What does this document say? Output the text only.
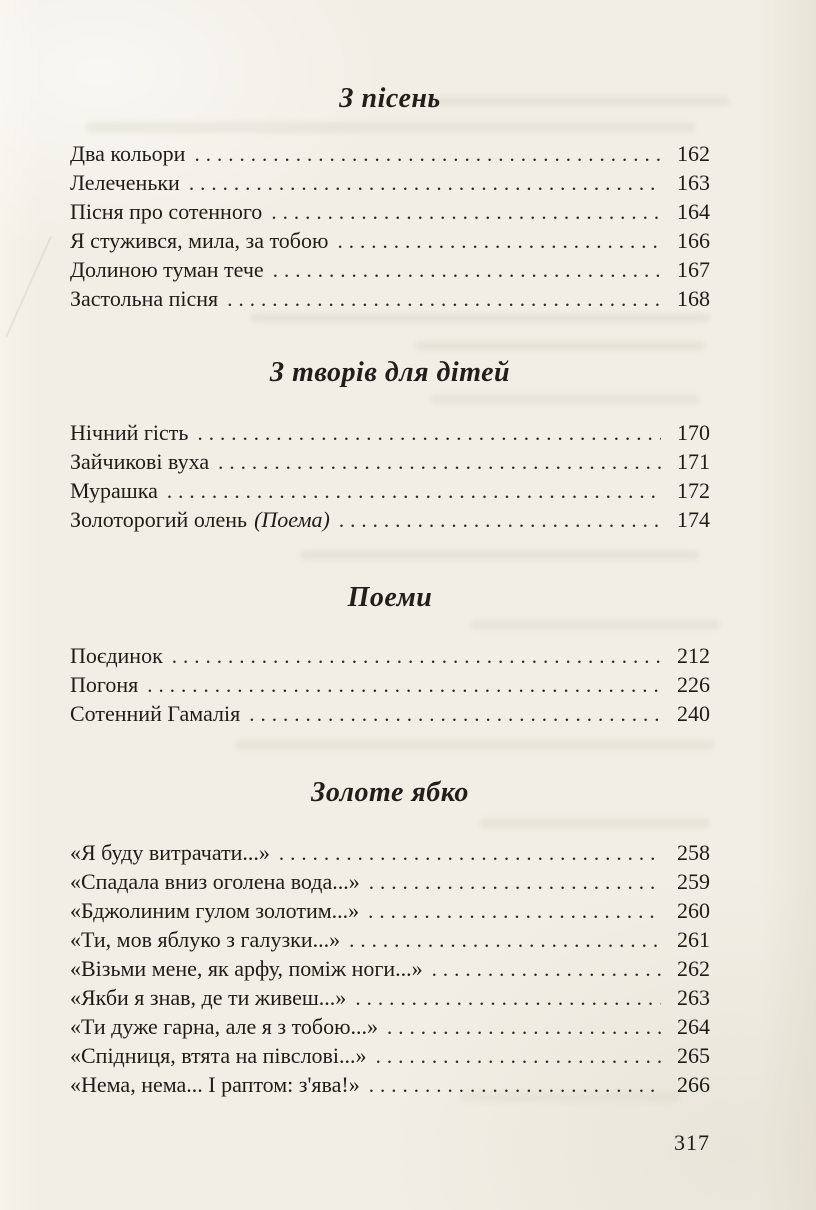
З пісень
Два кольори .....	162
Лелеченьки .....	163
Пісня про сотенного .....	164
Я стужився, мила, за тобою .....	166
Долиною туман тече .....	167
Застольна пісня .....	168
З творів для дітей
Нічний гість .....	170
Зайчикові вуха .....	171
Мурашка .....	172
Золоторогий олень (Поема) .....	174
Поеми
Поєдинок .....	212
Погоня .....	226
Сотенний Гамалія .....	240
Золоте ябко
«Я буду витрачати...» .....	258
«Спадала вниз оголена вода...» .....	259
«Бджолиним гулом золотим...» .....	260
«Ти, мов яблуко з галузки...» .....	261
«Візьми мене, як арфу, поміж ноги...» .....	262
«Якби я знав, де ти живеш...» .....	263
«Ти дуже гарна, але я з тобою...» .....	264
«Спідниця, втята на півслові...» .....	265
«Нема, нема... І раптом: з'ява!» .....	266
317
